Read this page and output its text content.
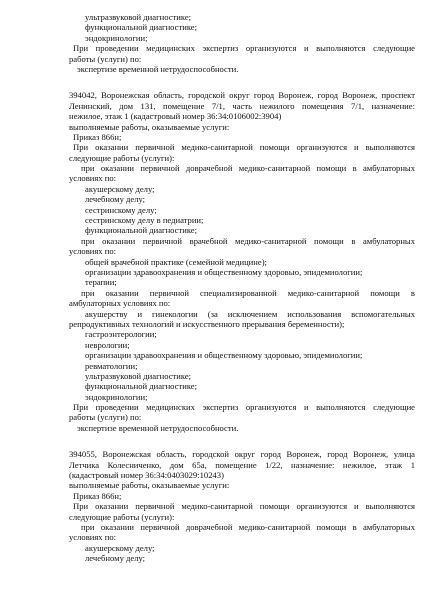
ультразвуковой диагностике;
функциональной диагностике;
эндокринологии;
При проведении медицинских экспертиз организуются и выполняются следующие
работы (услуги) по:
экспертизе временной нетрудоспособности.
394042, Воронежская область, городской округ город Воронеж, город Воронеж, проспект
Ленинский, дом 131, помещение 7/1, часть нежилого помещения 7/1, назначение:
нежилое, этаж 1 (кадастровый номер 36:34:0106002:3904)
выполняемые работы, оказываемые услуги:
Приказ 866н;
При оказании первичной медико-санитарной помощи организуются и выполняются
следующие работы (услуги):
при оказании первичной доврачебной медико-санитарной помощи в амбулаторных
условиях по:
акушерскому делу;
лечебному делу;
сестринскому делу;
сестринскому делу в педиатрии;
функциональной диагностике;
при оказании первичной врачебной медико-санитарной помощи в амбулаторных
условиях по:
общей врачебной практике (семейной медицине);
организации здравоохранения и общественному здоровью, эпидемиологии;
терапии;
при оказании первичной специализированной медико-санитарной помощи в
амбулаторных условиях по:
акушерству и гинекологии (за исключением использования вспомогательных
репродуктивных технологий и искусственного прерывания беременности);
гастроэнтерологии;
неврологии;
организации здравоохранения и общественному здоровью, эпидемиологии;
ревматологии;
ультразвуковой диагностике;
функциональной диагностике;
эндокринологии;
При проведении медицинских экспертиз организуются и выполняются следующие
работы (услуги) по:
экспертизе временной нетрудоспособности.
394055, Воронежская область, городской округ город Воронеж, город Воронеж, улица
Летчика Колесниченко, дом 65а, помещение 1/22, назначение: нежилое, этаж 1
(кадастровый номер 36:34:0403029:10243)
выполняемые работы, оказываемые услуги:
Приказ 866н;
При оказании первичной медико-санитарной помощи организуются и выполняются
следующие работы (услуги):
при оказании первичной доврачебной медико-санитарной помощи в амбулаторных
условиях по:
акушерскому делу;
лечебному делу;
